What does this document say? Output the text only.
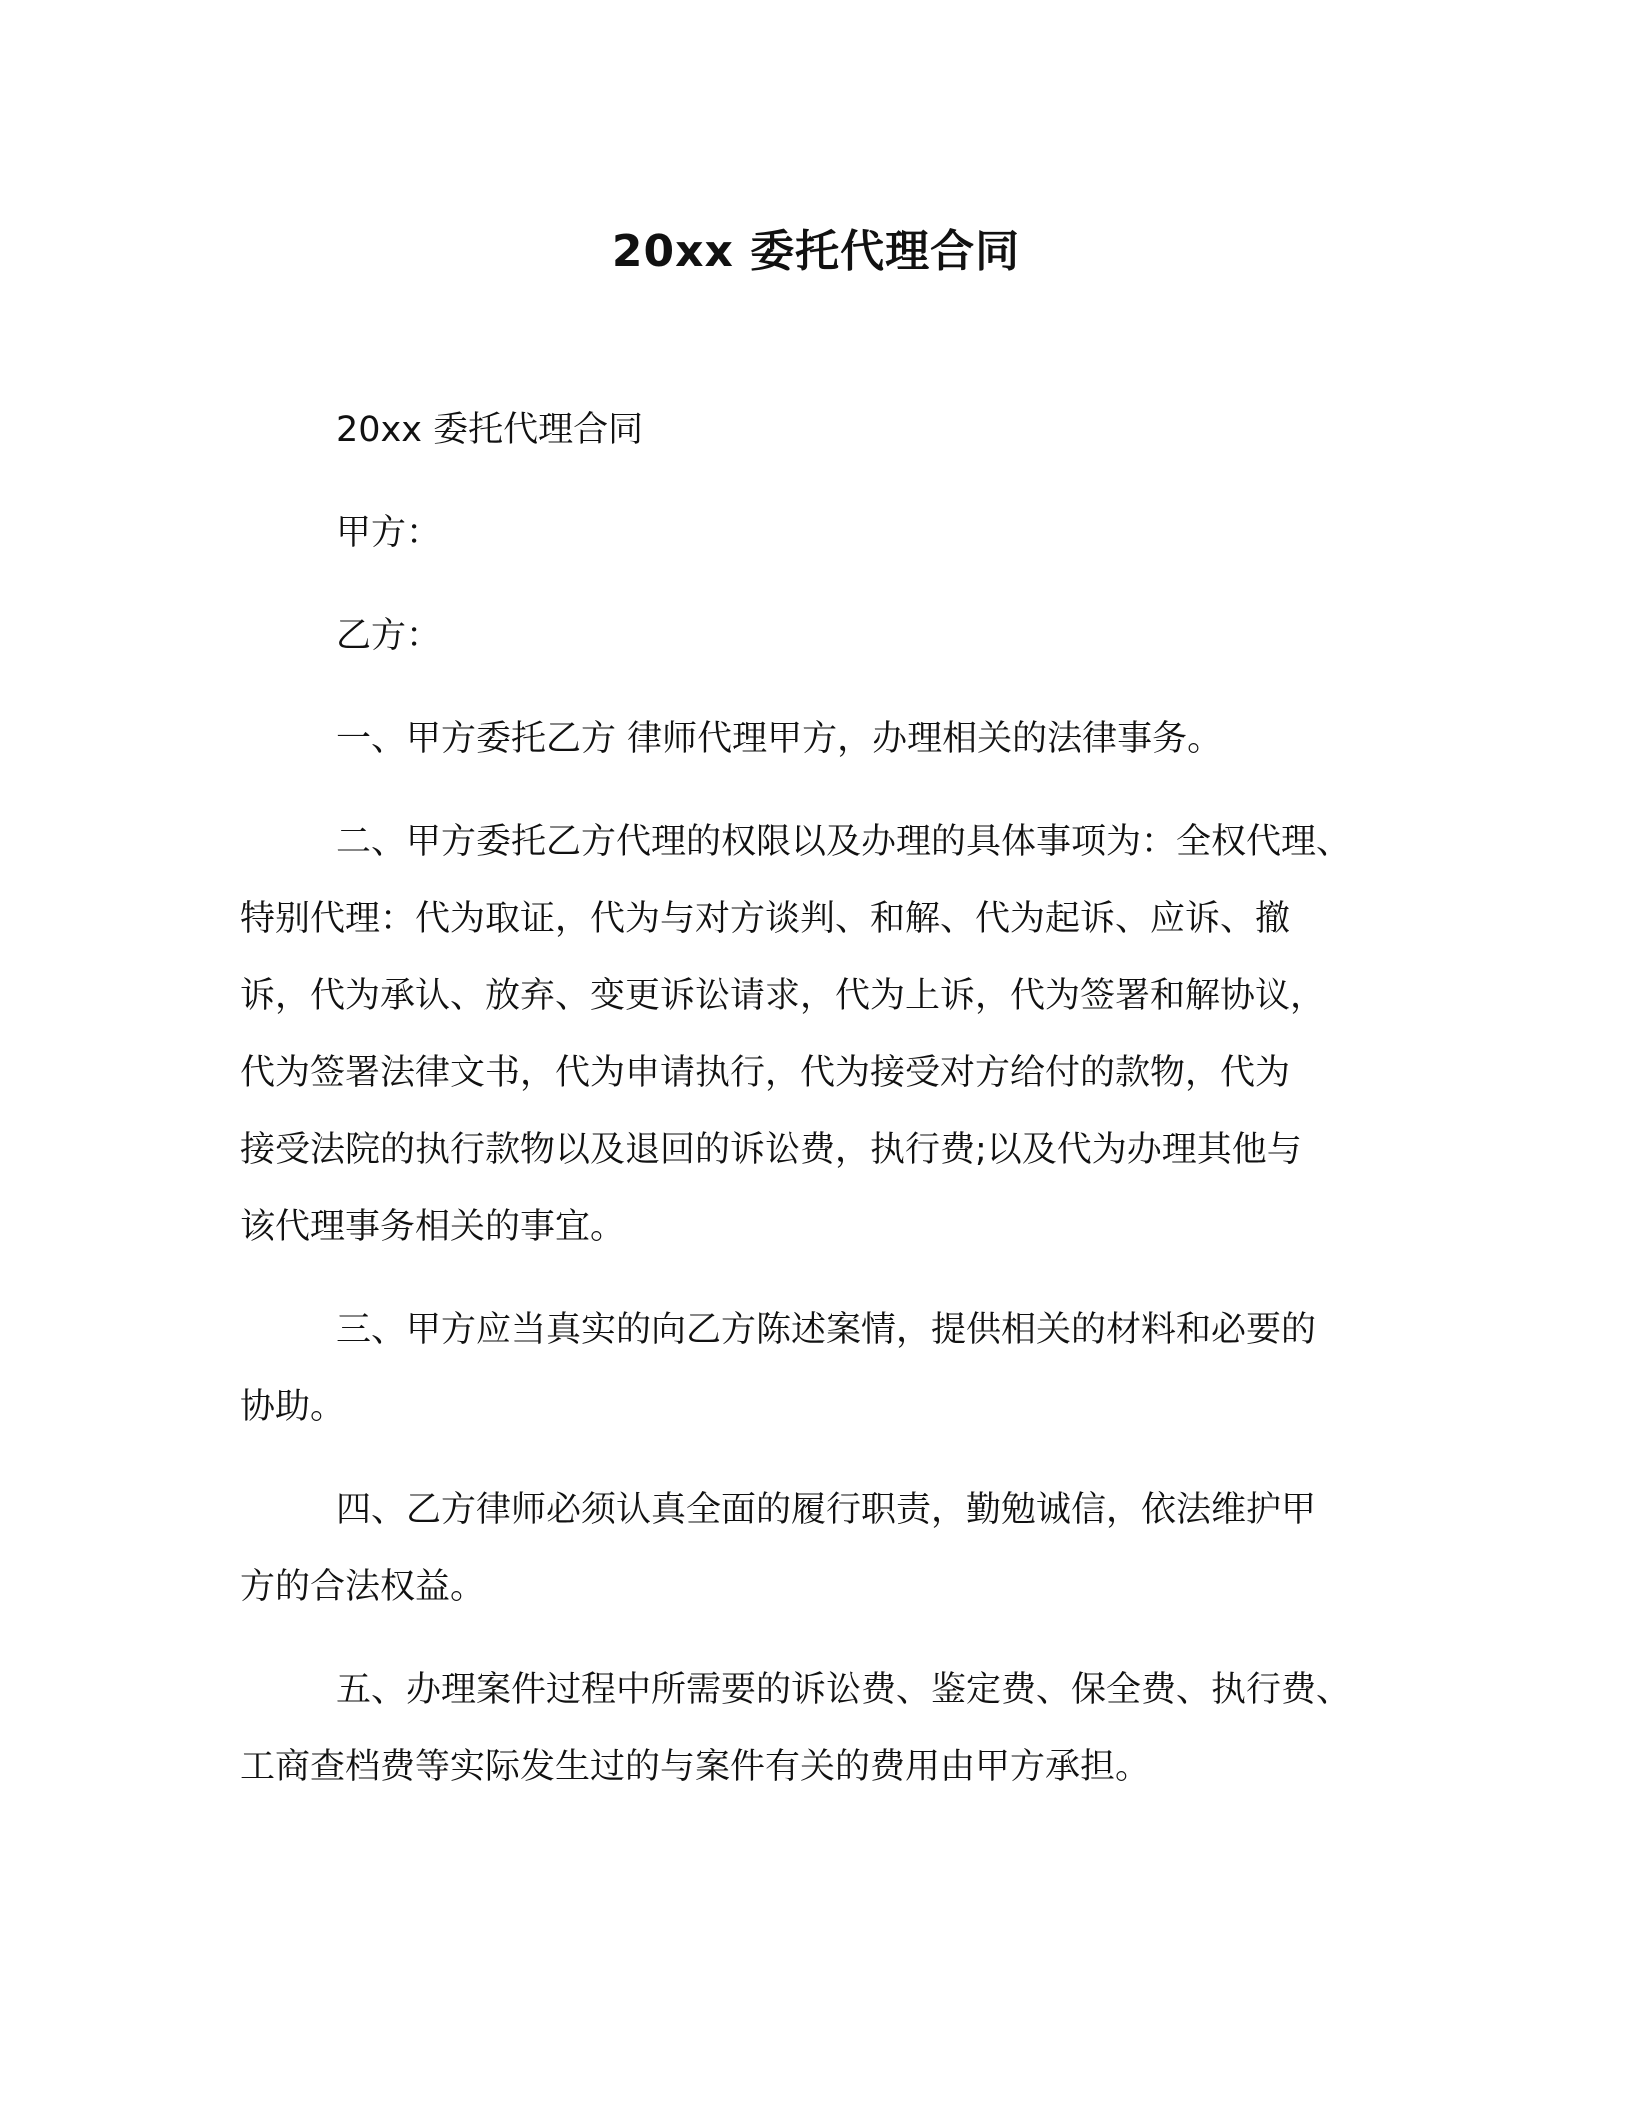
20xx 委托代理合同

20xx 委托代理合同

甲方：

乙方：

一、甲方委托乙方 律师代理甲方，办理相关的法律事务。

二、甲方委托乙方代理的权限以及办理的具体事项为：全权代理、

特别代理：代为取证，代为与对方谈判、和解、代为起诉、应诉、撤

诉，代为承认、放弃、变更诉讼请求，代为上诉，代为签署和解协议，

代为签署法律文书，代为申请执行，代为接受对方给付的款物，代为

接受法院的执行款物以及退回的诉讼费，执行费;以及代为办理其他与

该代理事务相关的事宜。

三、甲方应当真实的向乙方陈述案情，提供相关的材料和必要的

协助。

四、乙方律师必须认真全面的履行职责，勤勉诚信，依法维护甲

方的合法权益。

五、办理案件过程中所需要的诉讼费、鉴定费、保全费、执行费、

工商查档费等实际发生过的与案件有关的费用由甲方承担。
